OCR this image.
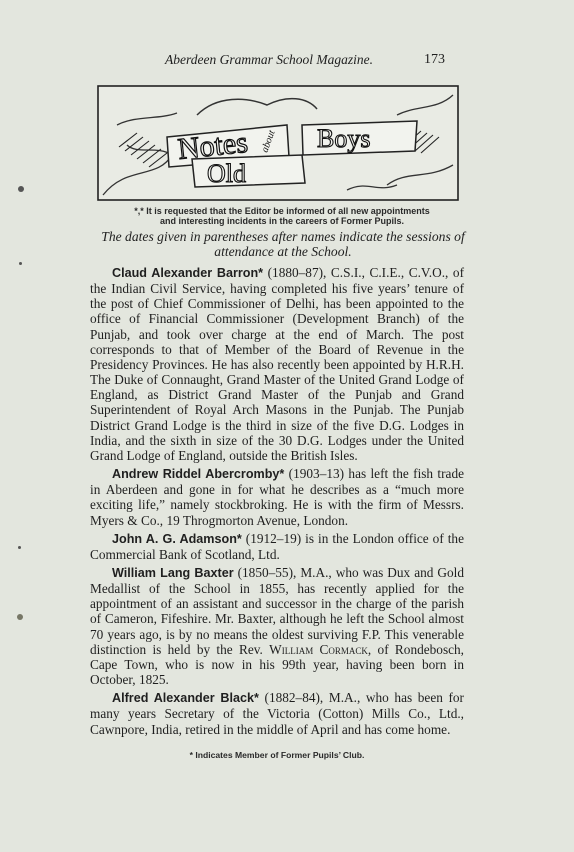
Aberdeen Grammar School Magazine.	173
Notes about Boys
Old
*,* It is requested that the Editor be informed of all new appointments
and interesting incidents in the careers of Former Pupils.
The dates given in parentheses after names indicate the sessions of attendance at the School.

Claud Alexander Barron* (1880–87), C.S.I., C.I.E., C.V.O., of the Indian Civil Service, having completed his five years’ tenure of the post of Chief Commissioner of Delhi, has been appointed to the office of Financial Commissioner (Development Branch) of the Punjab, and took over charge at the end of March. The post corresponds to that of Member of the Board of Revenue in the Presidency Provinces. He has also recently been appointed by H.R.H. The Duke of Connaught, Grand Master of the United Grand Lodge of England, as District Grand Master of the Punjab and Grand Superintendent of Royal Arch Masons in the Punjab. The Punjab District Grand Lodge is the third in size of the five D.G. Lodges in India, and the sixth in size of the 30 D.G. Lodges under the United Grand Lodge of England, outside the British Isles.

Andrew Riddel Abercromby* (1903–13) has left the fish trade in Aberdeen and gone in for what he describes as a “much more exciting life,” namely stockbroking. He is with the firm of Messrs. Myers & Co., 19 Throgmorton Avenue, London.

John A. G. Adamson* (1912–19) is in the London office of the Commercial Bank of Scotland, Ltd.

William Lang Baxter (1850–55), M.A., who was Dux and Gold Medallist of the School in 1855, has recently applied for the appointment of an assistant and successor in the charge of the parish of Cameron, Fifeshire. Mr. Baxter, although he left the School almost 70 years ago, is by no means the oldest surviving F.P. This venerable distinction is held by the Rev. William Cormack, of Rondebosch, Cape Town, who is now in his 99th year, having been born in October, 1825.

Alfred Alexander Black* (1882–84), M.A., who has been for many years Secretary of the Victoria (Cotton) Mills Co., Ltd., Cawnpore, India, retired in the middle of April and has come home.

* Indicates Member of Former Pupils’ Club.
